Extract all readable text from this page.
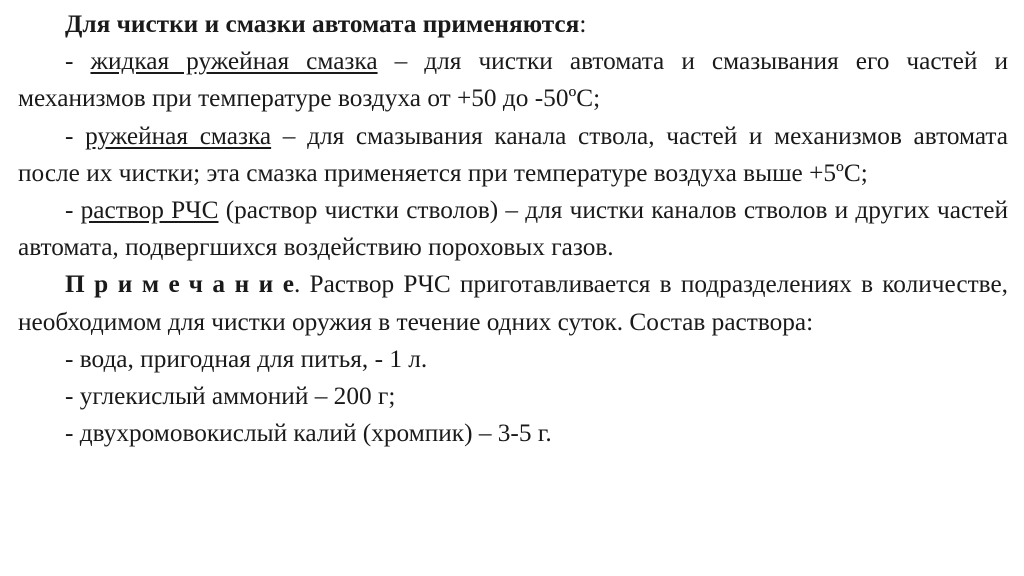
Для чистки и смазки автомата применяются:

- жидкая ружейная смазка – для чистки автомата и смазывания его частей и механизмов при температуре воздуха от +50 до -50ºС;

- ружейная смазка – для смазывания канала ствола, частей и механизмов автомата после их чистки; эта смазка применяется при температуре воздуха выше +5ºС;

- раствор РЧС (раствор чистки стволов) – для чистки каналов стволов и других частей автомата, подвергшихся воздействию пороховых газов.

Примечание. Раствор РЧС приготавливается в подразделениях в количестве, необходимом для чистки оружия в течение одних суток. Состав раствора:

- вода, пригодная для питья, - 1 л.

- углекислый аммоний – 200 г;

- двухромовокислый калий (хромпик) – 3-5 г.
